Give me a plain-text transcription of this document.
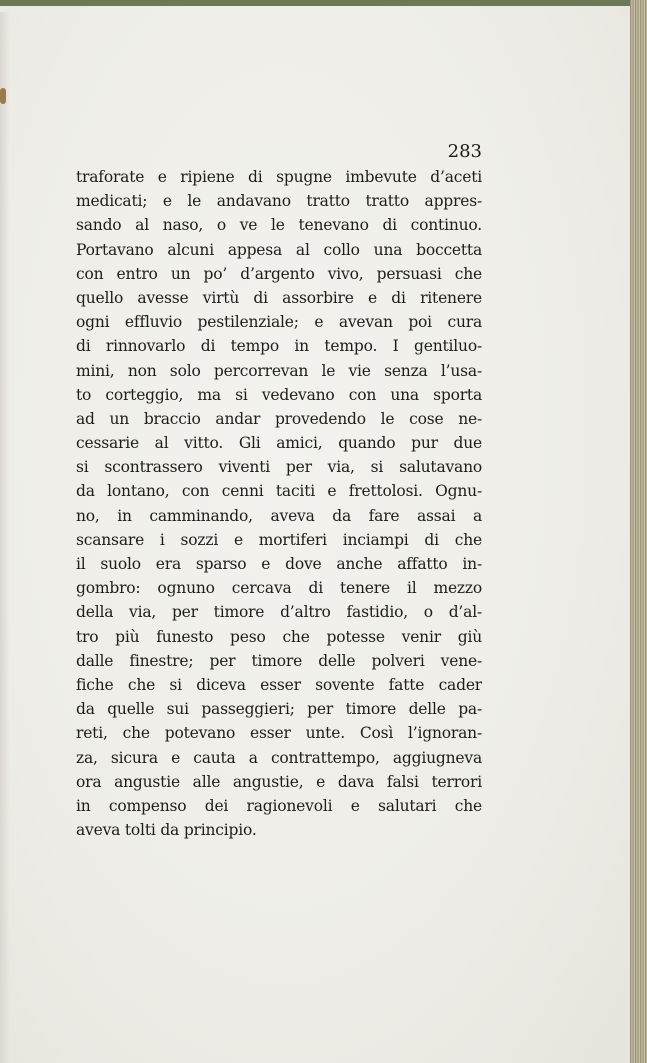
283

traforate e ripiene di spugne imbevute d’aceti
medicati; e le andavano tratto tratto appres-
sando al naso, o ve le tenevano di continuo.
Portavano alcuni appesa al collo una boccetta
con entro un po’ d’argento vivo, persuasi che
quello avesse virtù di assorbire e di ritenere
ogni effluvio pestilenziale; e avevan poi cura
di rinnovarlo di tempo in tempo. I gentiluo-
mini, non solo percorrevan le vie senza l’usa-
to corteggio, ma si vedevano con una sporta
ad un braccio andar provedendo le cose ne-
cessarie al vitto. Gli amici, quando pur due
si scontrassero viventi per via, si salutavano
da lontano, con cenni taciti e frettolosi. Ognu-
no, in camminando, aveva da fare assai a
scansare i sozzi e mortiferi inciampi di che
il suolo era sparso e dove anche affatto in-
gombro: ognuno cercava di tenere il mezzo
della via, per timore d’altro fastidio, o d’al-
tro più funesto peso che potesse venir giù
dalle finestre; per timore delle polveri vene-
fiche che si diceva esser sovente fatte cader
da quelle sui passeggieri; per timore delle pa-
reti, che potevano esser unte. Così l’ignoran-
za, sicura e cauta a contrattempo, aggiugneva
ora angustie alle angustie, e dava falsi terrori
in compenso dei ragionevoli e salutari che
aveva tolti da principio.
